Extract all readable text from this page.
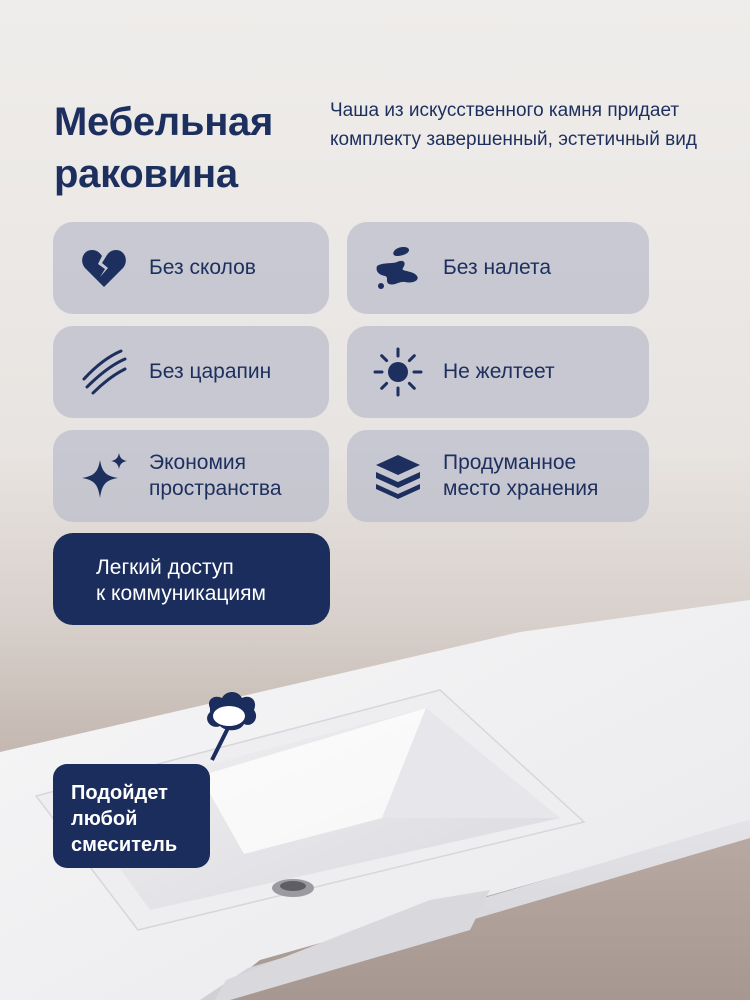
Мебельная
раковина
Чаша из искусственного камня придает
комплекту завершенный, эстетичный вид
Без сколов	Без налета
Без царапин	Не желтеет
Экономия
пространства
Продуманное
место хранения
Легкий доступ
к коммуникациям
Подойдет
любой
смеситель
